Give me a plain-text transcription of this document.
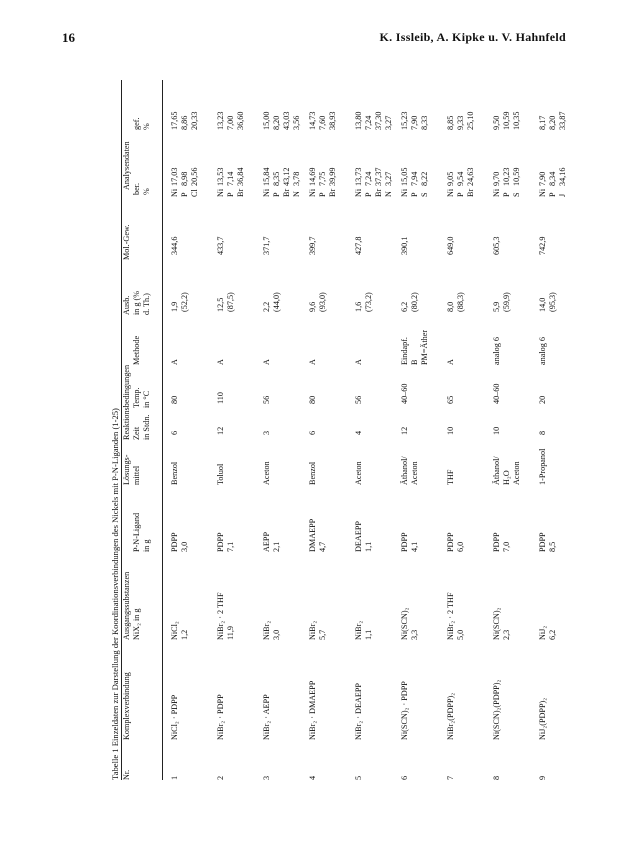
16	K. Issleib, A. Kipke u. V. Hahnfeld
Tabelle 1 Einzeldaten zur Darstellung der Koordinationsverbindungen des Nickels mit P-N-Liganden (1-25) Nr.
Komplexverbindung
Ausgangssubstanzen NiX₂ in g
P-N-Ligand in g
Lösungs- mittel
Reaktionsbedingungen Zeit in Stdn.
Temp. in °C
Methode
Ausb. in g (% d. Th.)
Mol.-Gew.
Analysendaten ber. %
gef. %
1
NiCl₂ · PDPP
NiCl₂ 1,2
PDPP 3,0
Benzol
6
80
A
1,9 (52,2)
344,6
Ni P Cl
17,03 8,98 20,56
17,65 8,86 20,33
2
NiBr₂ · PDPP
NiBr₂ · 2 THF 11,9
PDPP 7,1
Toluol
12
110
A
12,5 (87,5)
433,7
Ni P Br
13,53 7,14 36,84
13,23 7,00 36,60
3
NiBr₂ · AEPP
NiBr₂ 3,0
AEPP 2,1
Aceton
3
56
A
2,2 (44,0)
371,7
Ni P Br N
15,84 8,35 43,12 3,78
15,00 8,20 43,03 3,56
4
NiBr₂ · DMAEPP
NiBr₂ 5,7
DMAEPP 4,7
Benzol
6
80
A
9,6 (93,0)
399,7
Ni P Br
14,69 7,75 39,99
14,73 7,60 38,93
5
NiBr₂ · DEAEPP
NiBr₂ 1,1
DEAEPP 1,1
Aceton
4
56
A
1,6 (73,2)
427,8
Ni P Br N
13,73 7,24 37,37 3,27
13,80 7,24 37,30 3,27
6
Ni(SCN)₂ · PDPP
Ni(SCN)₂ 3,3
PDPP 4,1
Äthanol/ Aceton
12
40–60
Eindapf. B PM=Äther
6,2 (80,2)
390,1
Ni P S
15,05 7,94 8,22
15,23 7,90 8,33
7
NiBr₂(PDPP)₂
NiBr₂ · 2 THF 5,0
PDPP 6,0
THF
10
65
A
8,0 (88,3)
649,0
Ni P Br
9,05 9,54 24,63
8,85 9,33 25,10
8
Ni(SCN)₂(PDPP)₂
Ni(SCN)₂ 2,3
PDPP 7,0
Äthanol/ H₂O Aceton
10
40–60
analog 6
5,9 (59,9)
605,3
Ni P S
9,70 10,23 10,59
9,50 10,59 10,35
9
NiJ₂(PDPP)₂
NiJ₂ 6,2
PDPP 8,5
1-Propanol
8
20
analog 6
14,0 (95,3)
742,9
Ni P J
7,90 8,34 34,16
8,17 8,20 33,87
